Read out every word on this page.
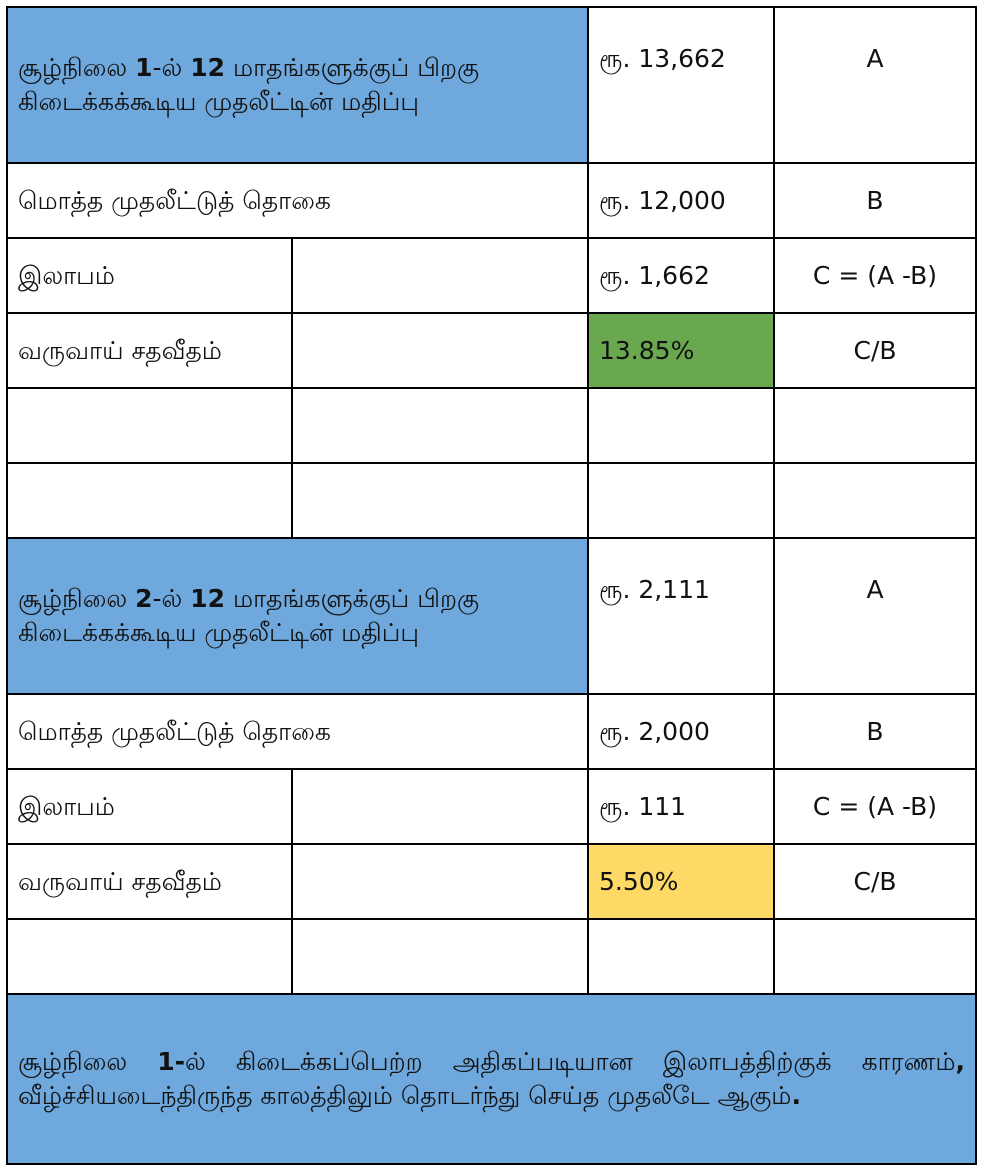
சூழ்நிலை 1-ல் 12 மாதங்களுக்குப் பிறகு கிடைக்கக்கூடிய முதலீட்டின் மதிப்பு		ரூ. 13,662	A
மொத்த முதலீட்டுத் தொகை		ரூ. 12,000	B
இலாபம்		ரூ. 1,662	C = (A -B)
வருவாய் சதவீதம்		13.85%	C/B

சூழ்நிலை 2-ல் 12 மாதங்களுக்குப் பிறகு கிடைக்கக்கூடிய முதலீட்டின் மதிப்பு		ரூ. 2,111	A
மொத்த முதலீட்டுத் தொகை		ரூ. 2,000	B
இலாபம்		ரூ. 111	C = (A -B)
வருவாய் சதவீதம்		5.50%	C/B

சூழ்நிலை 1-ல் கிடைக்கப்பெற்ற அதிகப்படியான இலாபத்திற்குக் காரணம், வீழ்ச்சியடைந்திருந்த காலத்திலும் தொடர்ந்து செய்த முதலீடே ஆகும்.			
